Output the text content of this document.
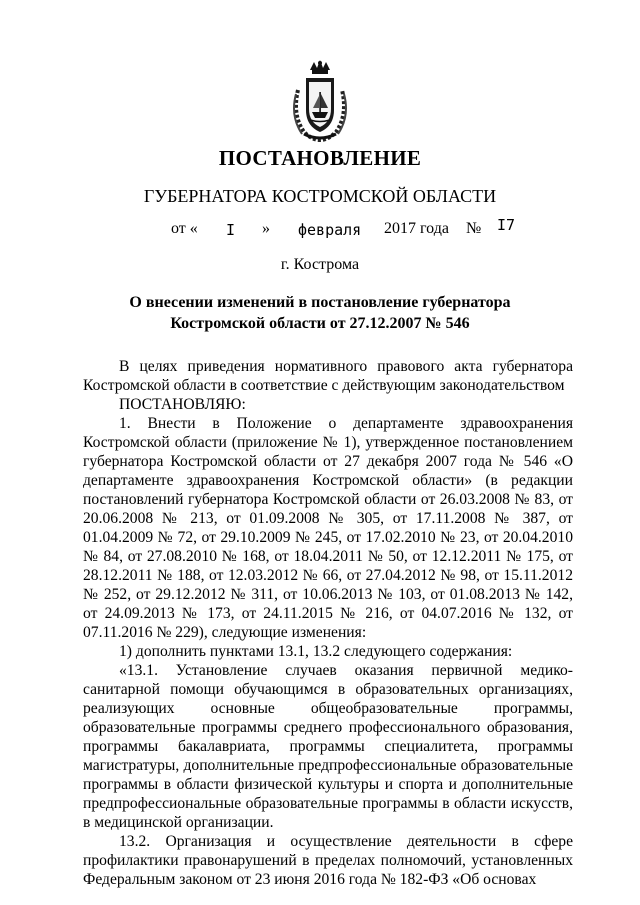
ПОСТАНОВЛЕНИЕ
ГУБЕРНАТОРА КОСТРОМСКОЙ ОБЛАСТИ
от « I » февраля 2017 года № I7
г. Кострома
О внесении изменений в постановление губернатора
Костромской области от 27.12.2007 № 546

В целях приведения нормативного правового акта губернатора Костромской области в соответствие с действующим законодательством

ПОСТАНОВЛЯЮ:

1. Внести в Положение о департаменте здравоохранения Костромской области (приложение № 1), утвержденное постановлением губернатора Костромской области от 27 декабря 2007 года № 546 «О департаменте здравоохранения Костромской области» (в редакции постановлений губернатора Костромской области от 26.03.2008 № 83, от 20.06.2008 № 213, от 01.09.2008 № 305, от 17.11.2008 № 387, от 01.04.2009 № 72, от 29.10.2009 № 245, от 17.02.2010 № 23, от 20.04.2010 № 84, от 27.08.2010 № 168, от 18.04.2011 № 50, от 12.12.2011 № 175, от 28.12.2011 № 188, от 12.03.2012 № 66, от 27.04.2012 № 98, от 15.11.2012 № 252, от 29.12.2012 № 311, от 10.06.2013 № 103, от 01.08.2013 № 142, от 24.09.2013 № 173, от 24.11.2015 № 216, от 04.07.2016 № 132, от 07.11.2016 № 229), следующие изменения:

1) дополнить пунктами 13.1, 13.2 следующего содержания:

«13.1. Установление случаев оказания первичной медико-санитарной помощи обучающимся в образовательных организациях, реализующих основные общеобразовательные программы, образовательные программы среднего профессионального образования, программы бакалавриата, программы специалитета, программы магистратуры, дополнительные предпрофессиональные образовательные программы в области физической культуры и спорта и дополнительные предпрофессиональные образовательные программы в области искусств, в медицинской организации.

13.2. Организация и осуществление деятельности в сфере профилактики правонарушений в пределах полномочий, установленных Федеральным законом от 23 июня 2016 года № 182-ФЗ «Об основах
